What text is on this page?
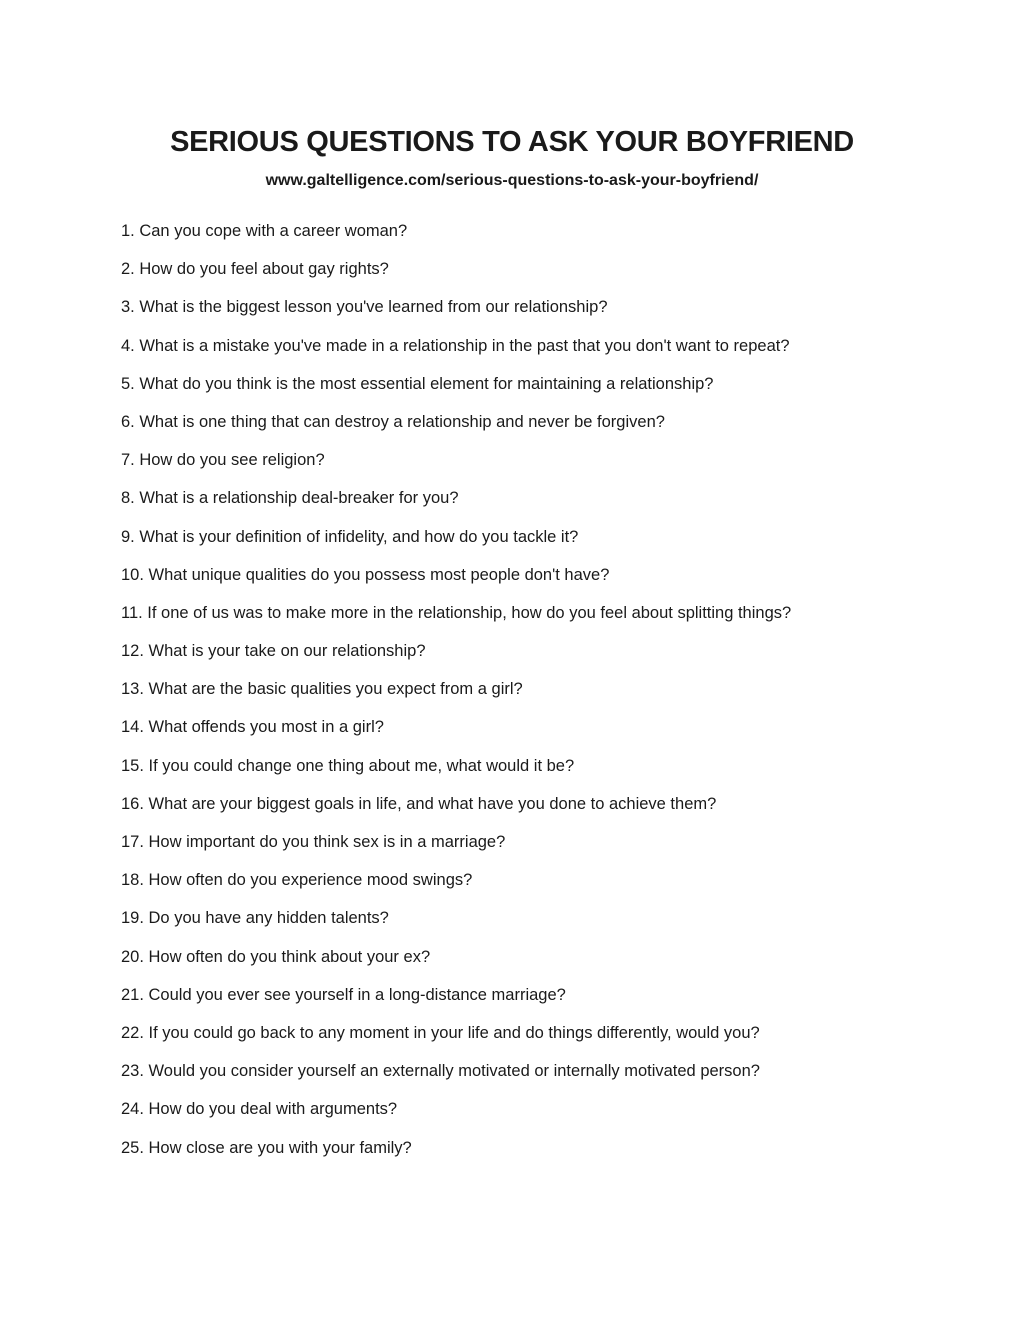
SERIOUS QUESTIONS TO ASK YOUR BOYFRIEND
www.galtelligence.com/serious-questions-to-ask-your-boyfriend/
1. Can you cope with a career woman?
2. How do you feel about gay rights?
3. What is the biggest lesson you've learned from our relationship?
4. What is a mistake you've made in a relationship in the past that you don't want to repeat?
5. What do you think is the most essential element for maintaining a relationship?
6. What is one thing that can destroy a relationship and never be forgiven?
7. How do you see religion?
8. What is a relationship deal-breaker for you?
9. What is your definition of infidelity, and how do you tackle it?
10. What unique qualities do you possess most people don't have?
11. If one of us was to make more in the relationship, how do you feel about splitting things?
12. What is your take on our relationship?
13. What are the basic qualities you expect from a girl?
14. What offends you most in a girl?
15. If you could change one thing about me, what would it be?
16. What are your biggest goals in life, and what have you done to achieve them?
17. How important do you think sex is in a marriage?
18. How often do you experience mood swings?
19. Do you have any hidden talents?
20. How often do you think about your ex?
21. Could you ever see yourself in a long-distance marriage?
22. If you could go back to any moment in your life and do things differently, would you?
23. Would you consider yourself an externally motivated or internally motivated person?
24. How do you deal with arguments?
25. How close are you with your family?
